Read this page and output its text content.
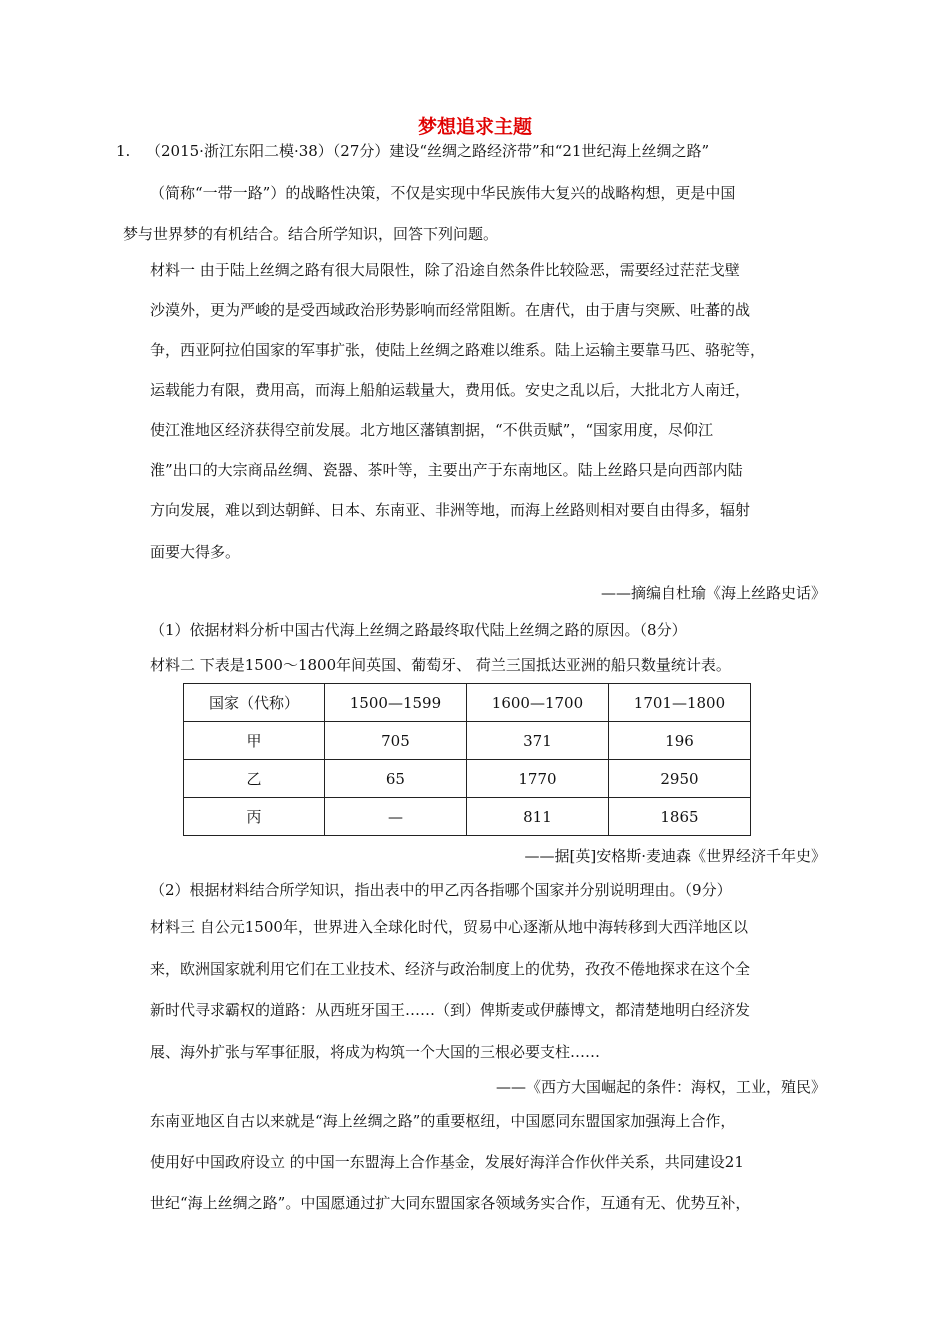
梦想追求主题
1. （2015·浙江东阳二模·38）（27分）建设“丝绸之路经济带”和“21世纪海上丝绸之路”
（简称“一带一路”）的战略性决策，不仅是实现中华民族伟大复兴的战略构想，更是中国
梦与世界梦的有机结合。结合所学知识，回答下列问题。
材料一 由于陆上丝绸之路有很大局限性，除了沿途自然条件比较险恶，需要经过茫茫戈壁
沙漠外，更为严峻的是受西域政治形势影响而经常阻断。在唐代，由于唐与突厥、吐蕃的战
争，西亚阿拉伯国家的军事扩张，使陆上丝绸之路难以维系。陆上运输主要靠马匹、骆驼等，
运载能力有限，费用高，而海上船舶运载量大，费用低。安史之乱以后，大批北方人南迁，
使江淮地区经济获得空前发展。北方地区藩镇割据，“不供贡赋”，“国家用度，尽仰江
淮”出口的大宗商品丝绸、瓷器、茶叶等，主要出产于东南地区。陆上丝路只是向西部内陆
方向发展，难以到达朝鲜、日本、东南亚、非洲等地，而海上丝路则相对要自由得多，辐射
面要大得多。
——摘编自杜瑜《海上丝路史话》
（1）依据材料分析中国古代海上丝绸之路最终取代陆上丝绸之路的原因。（8分）
材料二 下表是1500～1800年间英国、葡萄牙、 荷兰三国抵达亚洲的船只数量统计表。
国家（代称）	1500—1599	1600—1700	1701—1800
甲	705	371	196
乙	65	1770	2950
丙	—	811	1865
——据[英]安格斯·麦迪森《世界经济千年史》
（2）根据材料结合所学知识，指出表中的甲乙丙各指哪个国家并分别说明理由。（9分）
材料三 自公元1500年，世界进入全球化时代，贸易中心逐渐从地中海转移到大西洋地区以
来，欧洲国家就利用它们在工业技术、经济与政治制度上的优势，孜孜不倦地探求在这个全
新时代寻求霸权的道路：从西班牙国王……（到）俾斯麦或伊藤博文，都清楚地明白经济发
展、海外扩张与军事征服，将成为构筑一个大国的三根必要支柱……
——《西方大国崛起的条件：海权，工业，殖民》
东南亚地区自古以来就是“海上丝绸之路”的重要枢纽，中国愿同东盟国家加强海上合作，
使用好中国政府设立 的中国一东盟海上合作基金，发展好海洋合作伙伴关系，共同建设21
世纪“海上丝绸之路”。中国愿通过扩大同东盟国家各领域务实合作，互通有无、优势互补，
